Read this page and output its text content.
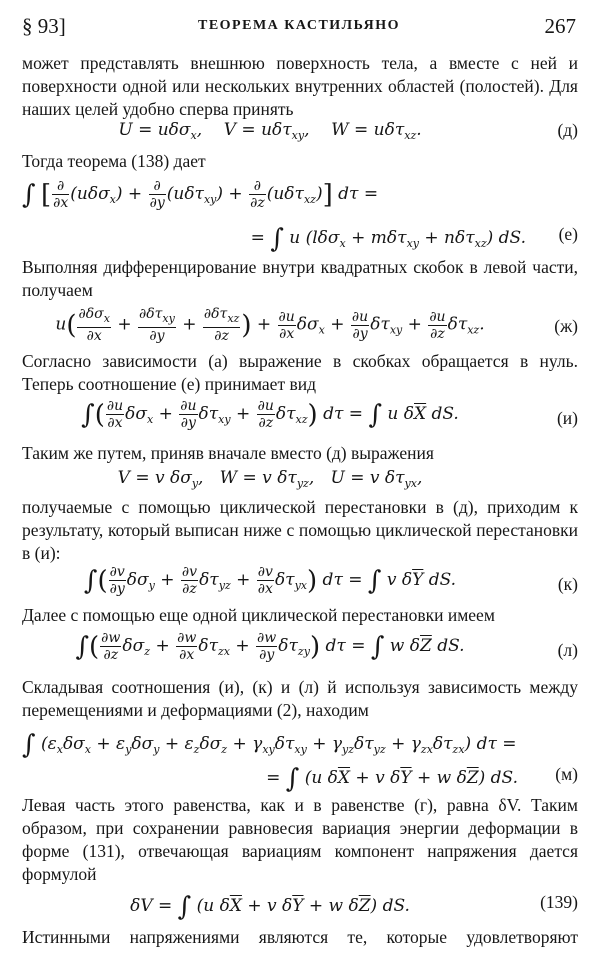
§ 93]	ТЕОРЕМА КАСТИЛЬЯНО	267
может представлять внешнюю поверхность тела, а вместе с ней и поверхности одной или нескольких внутренних областей (полостей). Для наших целей удобно сперва принять
U = uδσ$_x$,    V = uδτ$_{xy}$,    W = uδτ$_{xz}$.	(д)
Тогда теорема (138) дает
∫ [ $\frac{\partial}{\partial x} (u\delta\sigma_x) + \frac{\partial}{\partial y} (u\delta\tau_{xy}) + \frac{\partial}{\partial z} (u\delta\tau_{xz})$] dτ =
= ∫ u (lδσ$_x$ + mδτ$_{xy}$ + nδτ$_{xz}$) dS. (е)
Выполняя дифференцирование внутри квадратных скобок в левой части, получаем
$u( \frac{\partial\delta\sigma_x}{\partial x} + \frac{\partial\delta\tau_{xy}}{\partial y} + \frac{\partial\delta\tau_{xz}}{\partial z}$ ) + $\frac{\partial u}{\partial x} \delta\sigma_x + \frac{\partial u}{\partial y} \delta\tau_{xy} + \frac{\partial u}{\partial z} \delta\tau_{xz}$.	(ж)
Согласно зависимости (а) выражение в скобках обращается в нуль. Теперь соотношение (е) принимает вид
∫( $\frac{\partial u}{\partial x} \delta\sigma_x + \frac{\partial u}{\partial y} \delta\tau_{xy} + \frac{\partial u}{\partial z} \delta\tau_{xz}$) dτ = ∫ u $\delta\overline{X}$ dS.	(и)
Таким же путем, приняв вначале вместо (д) выражения
V = v $\delta\sigma_y$,   W = v $\delta\tau_{yz}$,   U = v $\delta\tau_{yx}$,
получаемые с помощью циклической перестановки в (д), приходим к результату, который выписан ниже с помощью циклической перестановки в (и):
∫( $\frac{\partial v}{\partial y} \delta\sigma_y + \frac{\partial v}{\partial z} \delta\tau_{yz} + \frac{\partial v}{\partial x} \delta\tau_{yx}$) dτ = ∫ v $\delta\overline{Y}$ dS.	(к)
Далее с помощью еще одной циклической перестановки имеем
∫( $\frac{\partial w}{\partial z} \delta\sigma_z + \frac{\partial w}{\partial x} \delta\tau_{zx} + \frac{\partial w}{\partial y} \delta\tau_{zy}$) dτ = ∫ w $\delta\overline{Z}$ dS.	(л)
Складывая соотношения (и), (к) и (л) й используя зависимость между перемещениями и деформациями (2), находим
∫ $(\varepsilon_x\delta\sigma_x + \varepsilon_y\delta\sigma_y + \varepsilon_z\delta\sigma_z + \gamma_{xy}\delta\tau_{xy} + \gamma_{yz}\delta\tau_{yz} + \gamma_{zx}\delta\tau_{zx}) d\tau$ =
= ∫ (u $\delta\overline{X} + v$ $\delta\overline{Y} + w$ $\delta\overline{Z}$) dS. (м)
Левая часть этого равенства, как и в равенстве (г), равна δV. Таким образом, при сохранении равновесия вариация энергии деформации в форме (131), отвечающая вариациям компонент напряжения дается формулой
δV = ∫ (u $\delta\overline{X} + v$ $\delta\overline{Y} + w$ $\delta\overline{Z}$) dS.	(139)
Истинными напряжениями являются те, которые удовлетворяют
